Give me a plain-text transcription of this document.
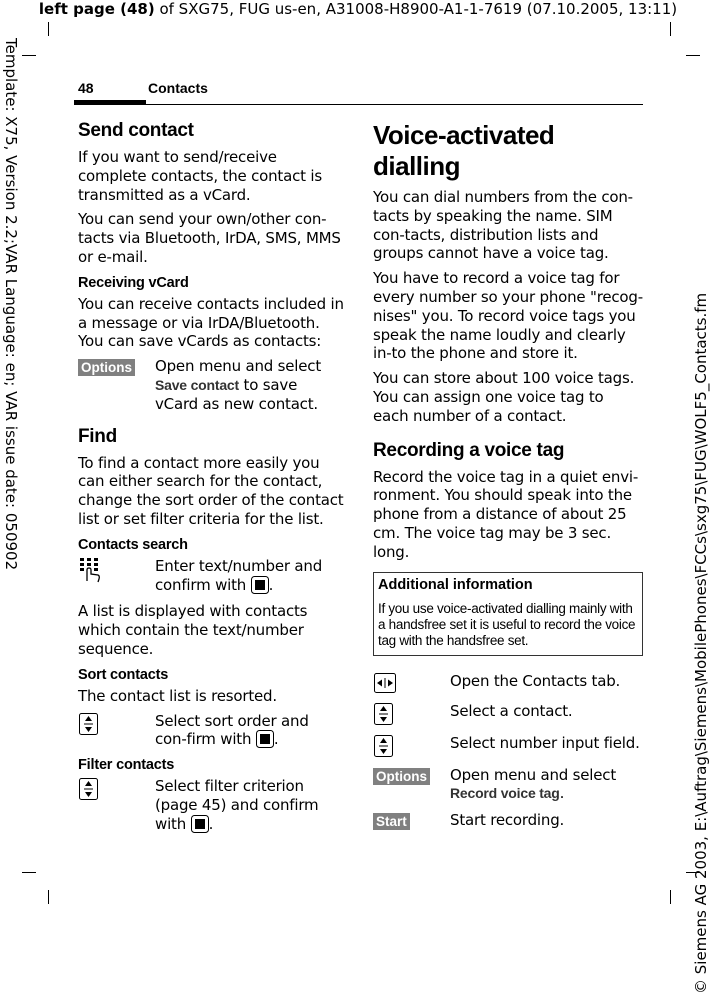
left page (48) of SXG75, FUG us-en, A31008-H8900-A1-1-7619 (07.10.2005, 13:11)
Template: X75, Version 2.2;VAR Language: en; VAR issue date: 050902	© Siemens AG 2003, E:\Auftrag\Siemens\MobilePhones\FCCs\sxg75\FUG\WOLF5_Contacts.fm
48	Contacts
Send contact

If you want to send/receive complete contacts, the contact is transmitted as a vCard.

You can send your own/other con-tacts via Bluetooth, IrDA, SMS, MMS or e-mail.

Receiving vCard

You can receive contacts included in a message or via IrDA/Bluetooth. You can save vCards as contacts:

Options	Open menu and select Save contact to save vCard as new contact.
Find

To find a contact more easily you can either search for the contact, change the sort order of the contact list or set filter criteria for the list.

Contacts search
Enter text/number and confirm with .

A list is displayed with contacts which contain the text/number sequence.

Sort contacts

The contact list is resorted.

Select sort order and con-firm with .
Filter contacts
Select filter criterion (page 45) and confirm with .
Voice-activated dialling

You can dial numbers from the con-tacts by speaking the name. SIM con-tacts, distribution lists and groups cannot have a voice tag.

You have to record a voice tag for every number so your phone "recog-nises" you. To record voice tags you speak the name loudly and clearly in-to the phone and store it.

You can store about 100 voice tags. You can assign one voice tag to each number of a contact.

Recording a voice tag

Record the voice tag in a quiet envi-ronment. You should speak into the phone from a distance of about 25 cm. The voice tag may be 3 sec. long.

Additional information
If you use voice-activated dialling mainly with a handsfree set it is useful to record the voice tag with the handsfree set.
Open the Contacts tab.
Select a contact.
Select number input field.
Options	Open menu and select Record voice tag.
Start	Start recording.
